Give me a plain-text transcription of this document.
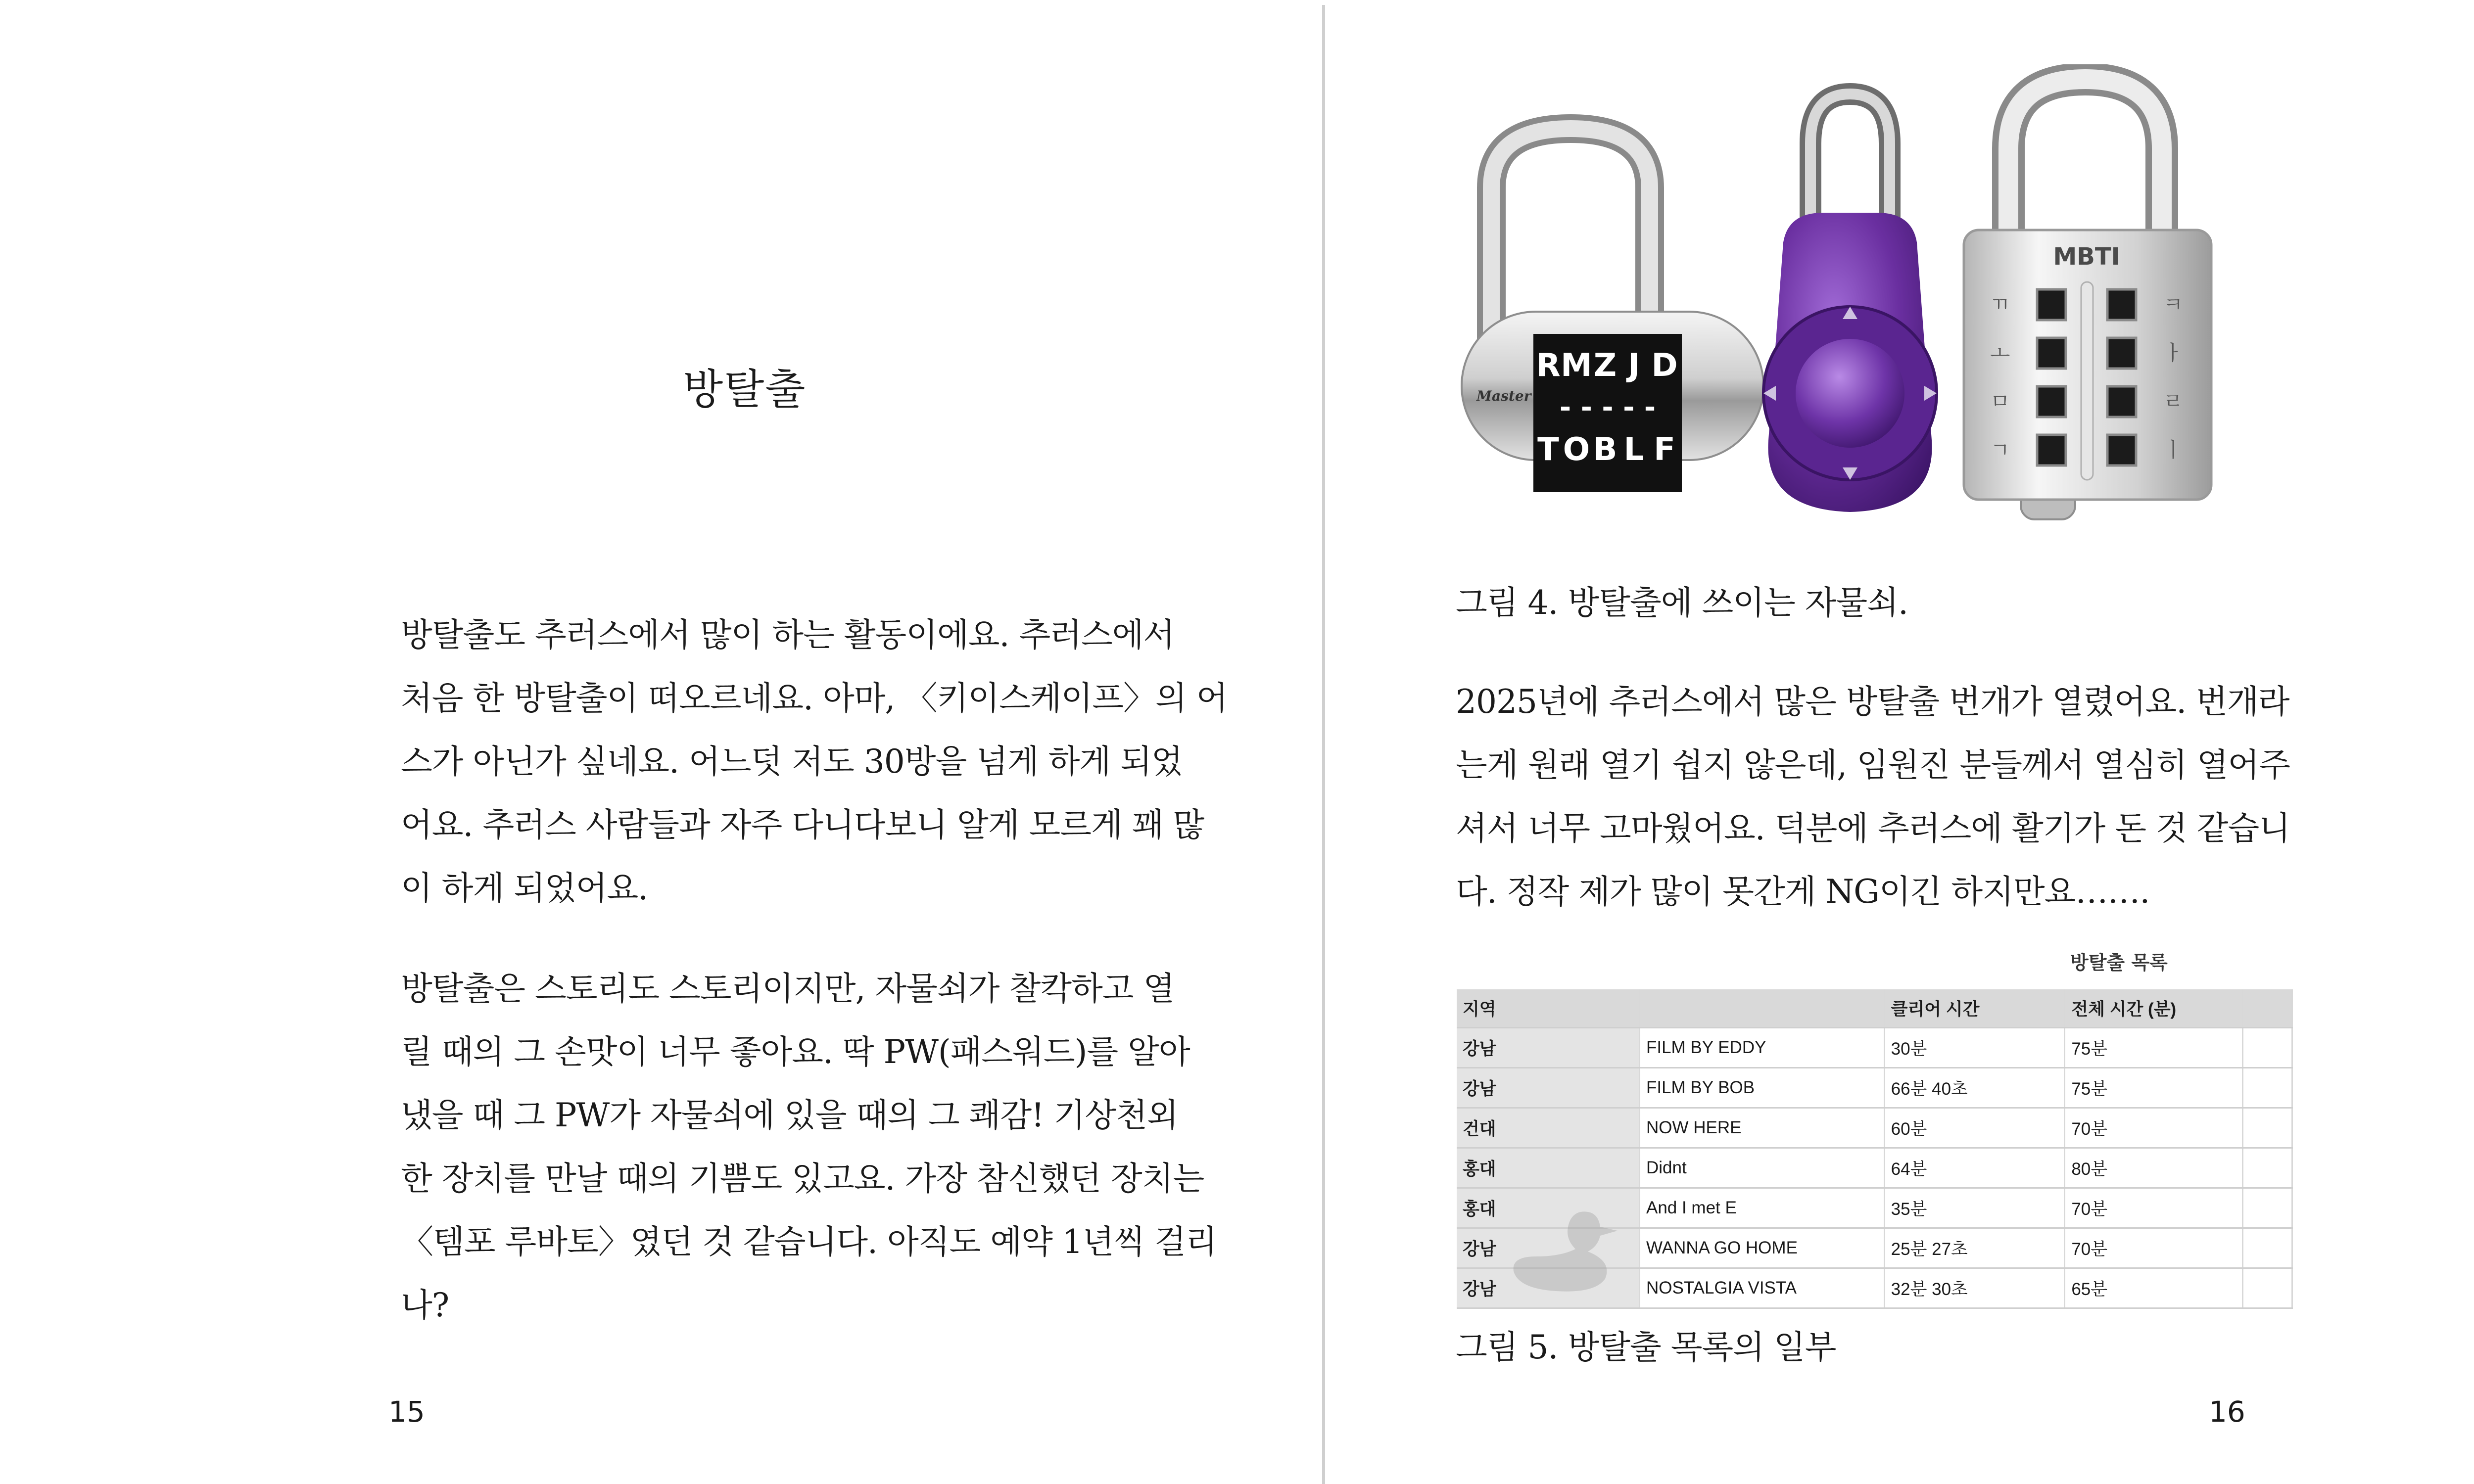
방탈출
방탈출도 추러스에서 많이 하는 활동이에요. 추러스에서
처음 한 방탈출이 떠오르네요. 아마, 〈키이스케이프〉의 어
스가 아닌가 싶네요. 어느덧 저도 30방을 넘게 하게 되었
어요. 추러스 사람들과 자주 다니다보니 알게 모르게 꽤 많
이 하게 되었어요.
방탈출은 스토리도 스토리이지만, 자물쇠가 찰칵하고 열
릴 때의 그 손맛이 너무 좋아요. 딱 PW(패스워드)를 알아
냈을 때 그 PW가 자물쇠에 있을 때의 그 쾌감! 기상천외
한 장치를 만날 때의 기쁨도 있고요. 가장 참신했던 장치는
〈템포 루바토〉였던 것 같습니다. 아직도 예약 1년씩 걸리
나?
15
Master
R M Z J D
- - - - -
T O B L F
MBTI
ㄲ
ㅗ
ㅁ
ㄱ
ㅋ
ㅏ
ㄹ
ㅣ
그림 4. 방탈출에 쓰이는 자물쇠.
2025년에 추러스에서 많은 방탈출 번개가 열렸어요. 번개라
는게 원래 열기 쉽지 않은데, 임원진 분들께서 열심히 열어주
셔서 너무 고마웠어요. 덕분에 추러스에 활기가 돈 것 같습니
다. 정작 제가 많이 못간게 NG이긴 하지만요…….
방탈출 목록
지역		클리어 시간	전체 시간 (분)	
강남	FILM BY EDDY	30분	75분	
강남	FILM BY BOB	66분 40초	75분	
건대	NOW HERE	60분	70분	
홍대	Didnt	64분	80분	
홍대	And I met E	35분	70분	
강남	WANNA GO HOME	25분 27초	70분	
강남	NOSTALGIA VISTA	32분 30초	65분	
그림 5. 방탈출 목록의 일부
16
